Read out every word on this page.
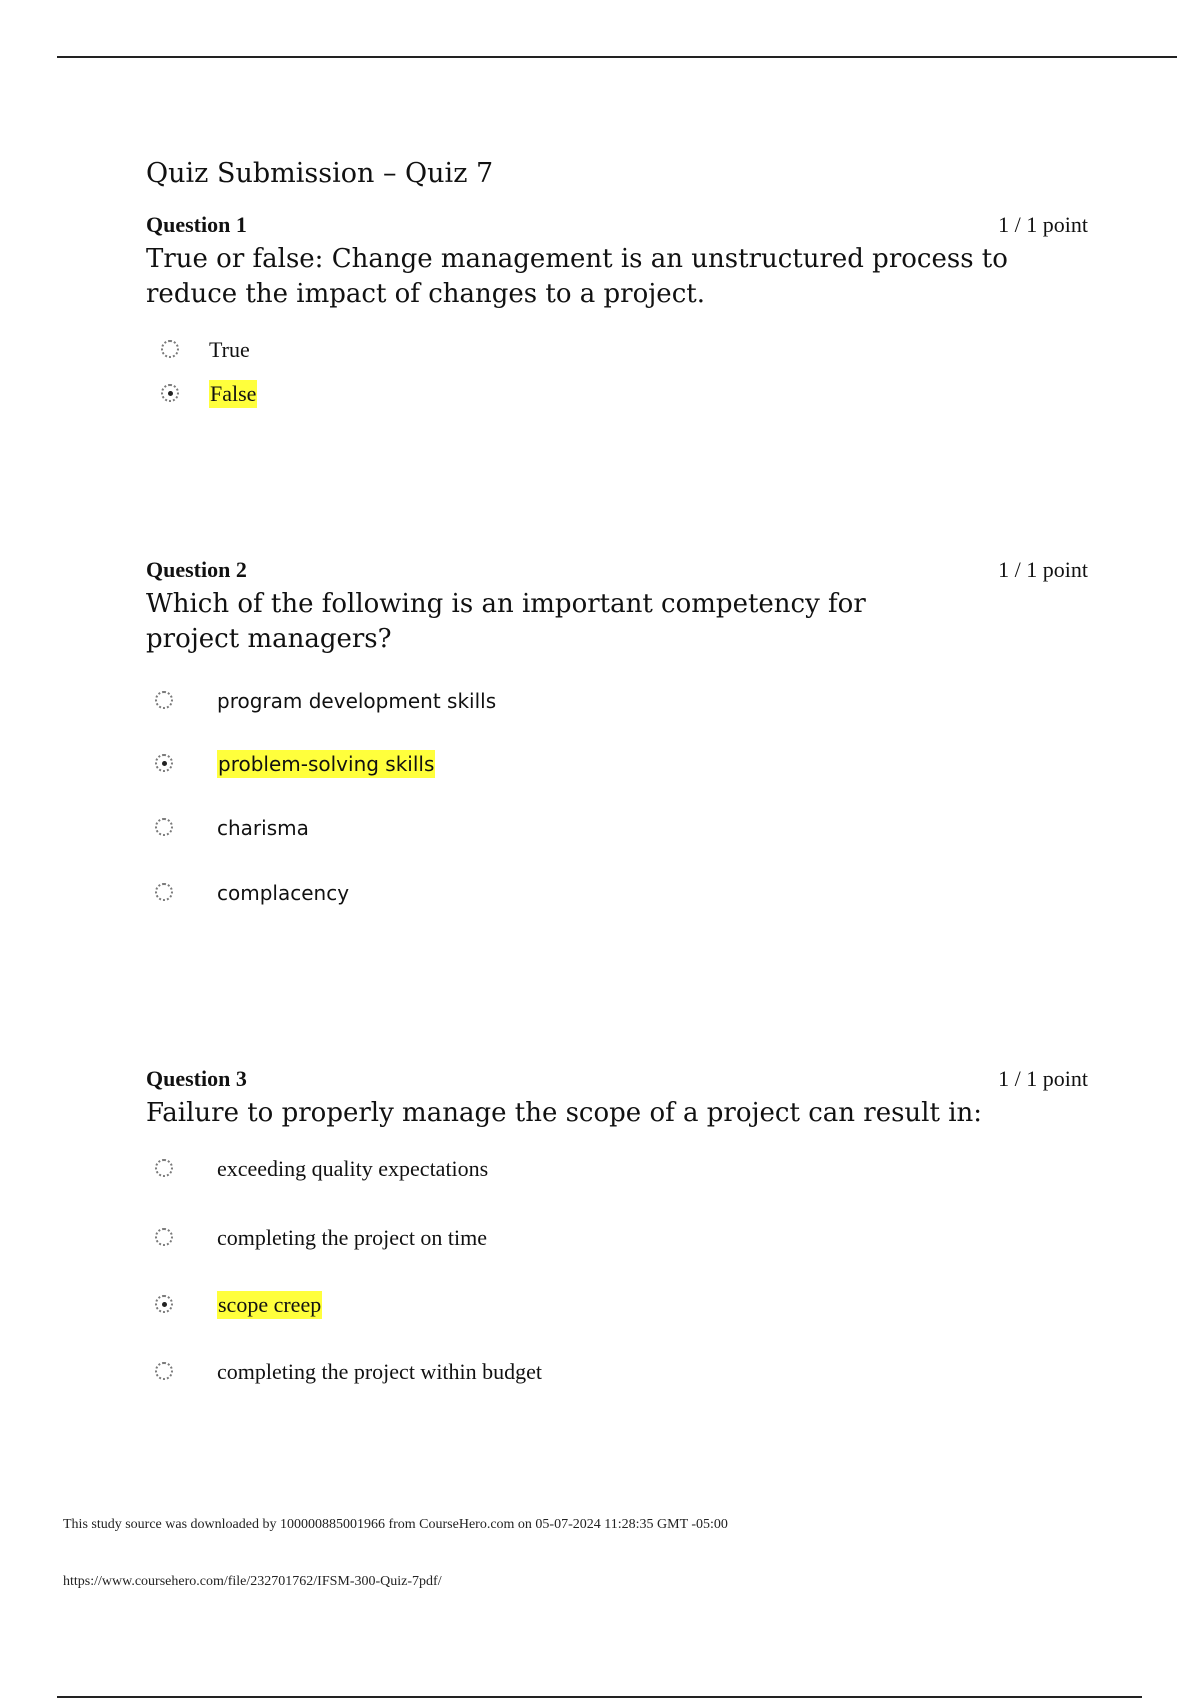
Quiz Submission – Quiz 7
Question 1	1 / 1 point
True or false: Change management is an unstructured process to reduce the impact of changes to a project.
True
False
Question 2	1 / 1 point
Which of the following is an important competency for project managers?
program development skills
problem-solving skills
charisma
complacency
Question 3	1 / 1 point
Failure to properly manage the scope of a project can result in:
exceeding quality expectations
completing the project on time
scope creep
completing the project within budget
This study source was downloaded by 100000885001966 from CourseHero.com on 05-07-2024 11:28:35 GMT -05:00
https://www.coursehero.com/file/232701762/IFSM-300-Quiz-7pdf/
